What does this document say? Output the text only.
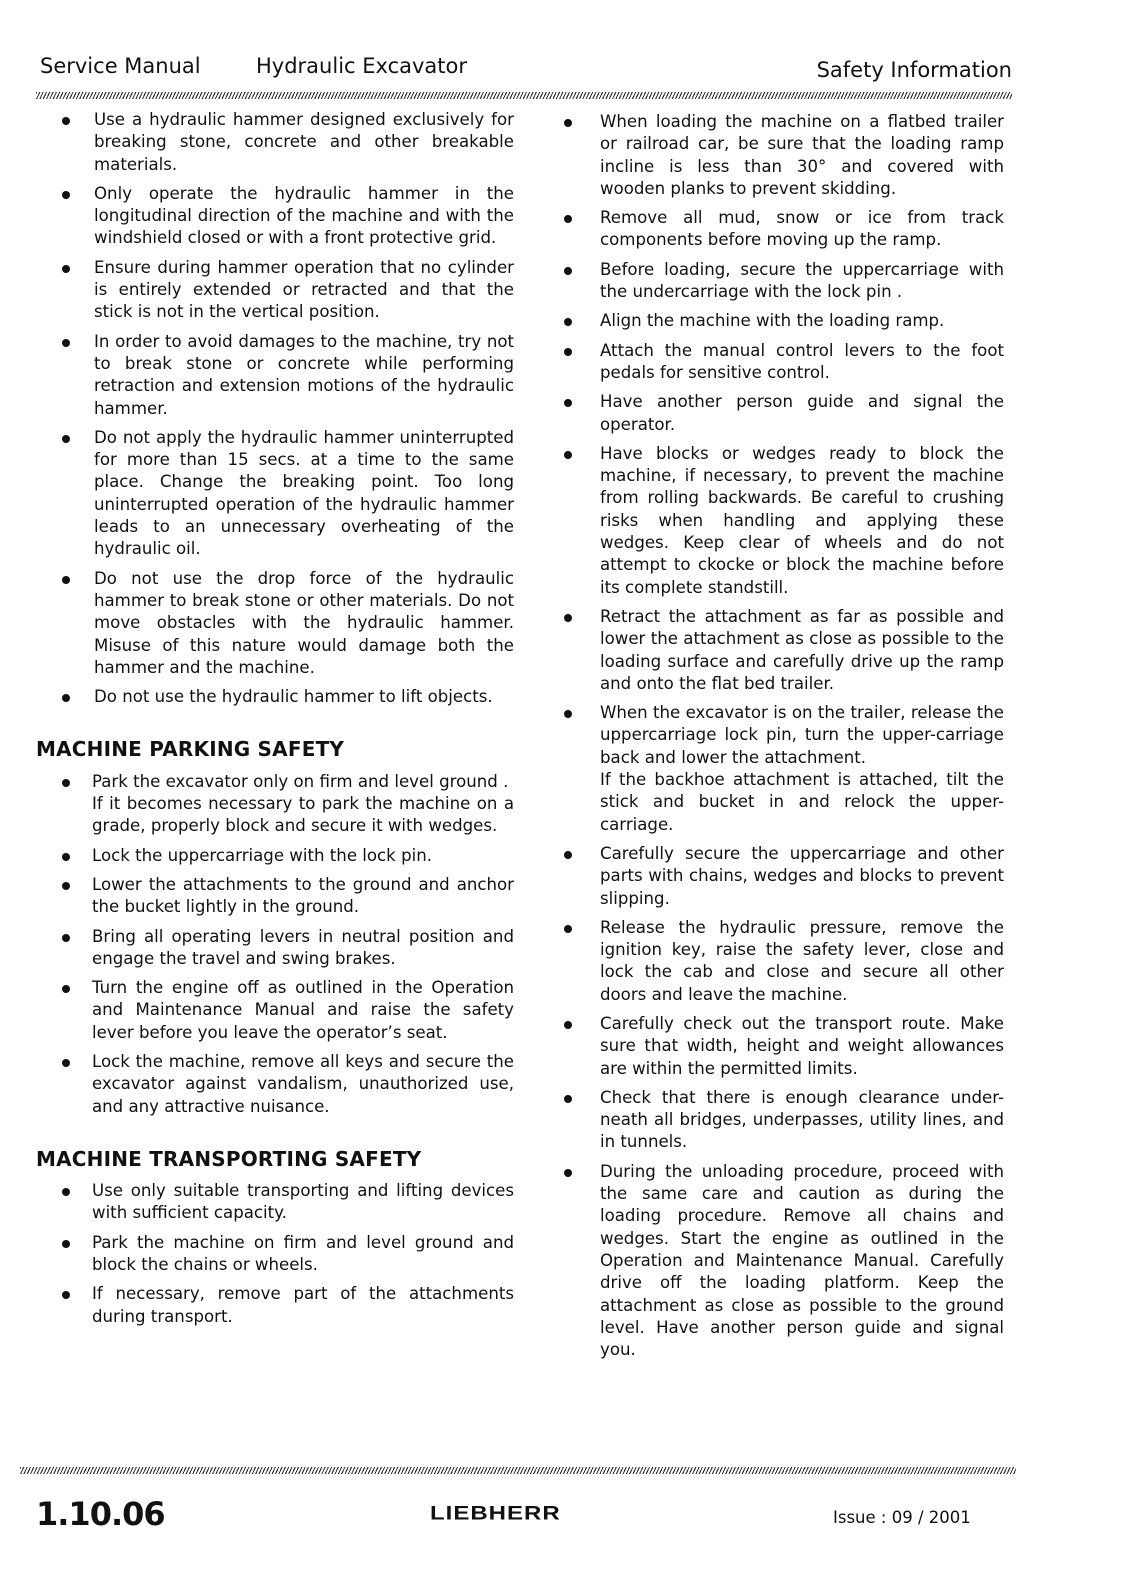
Service Manual	Hydraulic Excavator	Safety Information
Use a hydraulic hammer designed exclusively for breaking stone, concrete and other breakable materials.
Only operate the hydraulic hammer in the longitudinal direction of the machine and with the windshield closed or with a front protective grid.
Ensure during hammer operation that no cylinder is entirely extended or retracted and that the stick is not in the vertical position.
In order to avoid damages to the machine, try not to break stone or concrete while performing retraction and extension motions of the hydraulic hammer.
Do not apply the hydraulic hammer uninterrupted for more than 15 secs. at a time to the same place. Change the breaking point. Too long uninterrupted operation of the hydraulic hammer leads to an unnecessary overheating of the hydraulic oil.
Do not use the drop force of the hydraulic hammer to break stone or other materials. Do not move obstacles with the hydraulic hammer. Misuse of this nature would damage both the hammer and the machine.
Do not use the hydraulic hammer to lift objects.
MACHINE PARKING SAFETY
Park the excavator only on firm and level ground .
If it becomes necessary to park the machine on a grade, properly block and secure it with wedges.
Lock the uppercarriage with the lock pin.
Lower the attachments to the ground and anchor the bucket lightly in the ground.
Bring all operating levers in neutral position and engage the travel and swing brakes.
Turn the engine off as outlined in the Operation and Maintenance Manual and raise the safety lever before you leave the operator’s seat.
Lock the machine, remove all keys and secure the excavator against vandalism, unauthorized use, and any attractive nuisance.
MACHINE TRANSPORTING SAFETY
Use only suitable transporting and lifting devices with sufficient capacity.
Park the machine on firm and level ground and block the chains or wheels.
If necessary, remove part of the attachments during transport.
When loading the machine on a flatbed trailer or railroad car, be sure that the loading ramp incline is less than 30° and covered with wooden planks to prevent skidding.
Remove all mud, snow or ice from track components before moving up the ramp.
Before loading, secure the uppercarriage with the undercarriage with the lock pin .
Align the machine with the loading ramp.
Attach the manual control levers to the foot pedals for sensitive control.
Have another person guide and signal the operator.
Have blocks or wedges ready to block the machine, if necessary, to prevent the machine from rolling backwards. Be careful to crushing risks when handling and applying these wedges. Keep clear of wheels and do not attempt to ckocke or block the machine before its complete standstill.
Retract the attachment as far as possible and lower the attachment as close as possible to the loading surface and carefully drive up the ramp and onto the flat bed trailer.
When the excavator is on the trailer, release the uppercarriage lock pin, turn the upper-carriage back and lower the attachment.
If the backhoe attachment is attached, tilt the stick and bucket in and relock the upper-carriage.
Carefully secure the uppercarriage and other parts with chains, wedges and blocks to prevent slipping.
Release the hydraulic pressure, remove the ignition key, raise the safety lever, close and lock the cab and close and secure all other doors and leave the machine.
Carefully check out the transport route. Make sure that width, height and weight allowances are within the permitted limits.
Check that there is enough clearance under-neath all bridges, underpasses, utility lines, and in tunnels.
During the unloading procedure, proceed with the same care and caution as during the loading procedure. Remove all chains and wedges. Start the engine as outlined in the Operation and Maintenance Manual. Carefully drive off the loading platform. Keep the attachment as close as possible to the ground level. Have another person guide and signal you.
1.10.06	LIEBHERR	Issue : 09 / 2001
